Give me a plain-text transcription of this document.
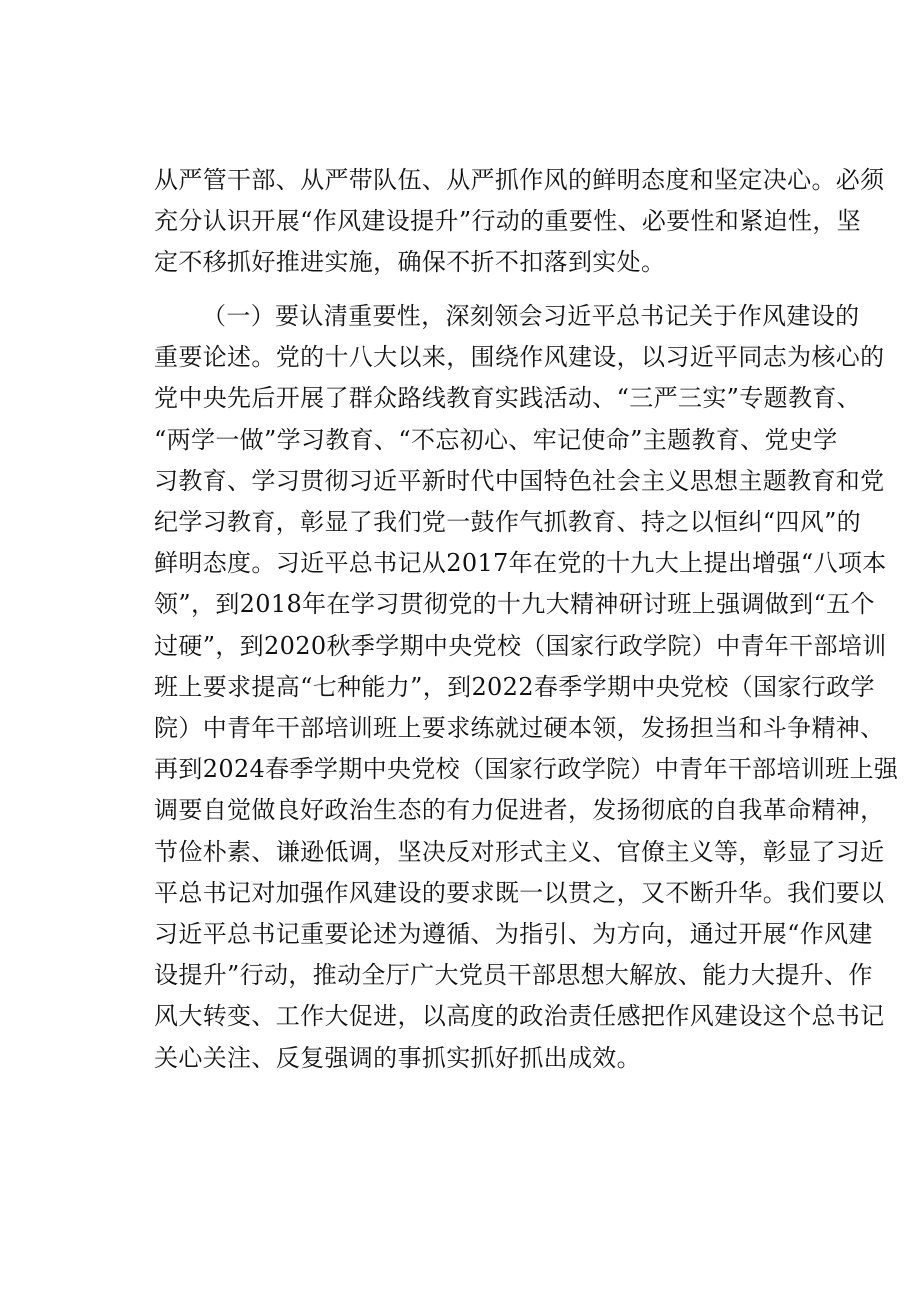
从严管干部、从严带队伍、从严抓作风的鲜明态度和坚定决心。必须
充分认识开展“作风建设提升”行动的重要性、必要性和紧迫性，坚
定不移抓好推进实施，确保不折不扣落到实处。
（一）要认清重要性，深刻领会习近平总书记关于作风建设的
重要论述。党的十八大以来，围绕作风建设，以习近平同志为核心的
党中央先后开展了群众路线教育实践活动、“三严三实”专题教育、
“两学一做”学习教育、“不忘初心、牢记使命”主题教育、党史学
习教育、学习贯彻习近平新时代中国特色社会主义思想主题教育和党
纪学习教育，彰显了我们党一鼓作气抓教育、持之以恒纠“四风”的
鲜明态度。习近平总书记从2017年在党的十九大上提出增强“八项本
领”，到2018年在学习贯彻党的十九大精神研讨班上强调做到“五个
过硬”，到2020秋季学期中央党校（国家行政学院）中青年干部培训
班上要求提高“七种能力”，到2022春季学期中央党校（国家行政学
院）中青年干部培训班上要求练就过硬本领，发扬担当和斗争精神、
再到2024春季学期中央党校（国家行政学院）中青年干部培训班上强
调要自觉做良好政治生态的有力促进者，发扬彻底的自我革命精神，
节俭朴素、谦逊低调，坚决反对形式主义、官僚主义等，彰显了习近
平总书记对加强作风建设的要求既一以贯之，又不断升华。我们要以
习近平总书记重要论述为遵循、为指引、为方向，通过开展“作风建
设提升”行动，推动全厅广大党员干部思想大解放、能力大提升、作
风大转变、工作大促进，以高度的政治责任感把作风建设这个总书记
关心关注、反复强调的事抓实抓好抓出成效。
